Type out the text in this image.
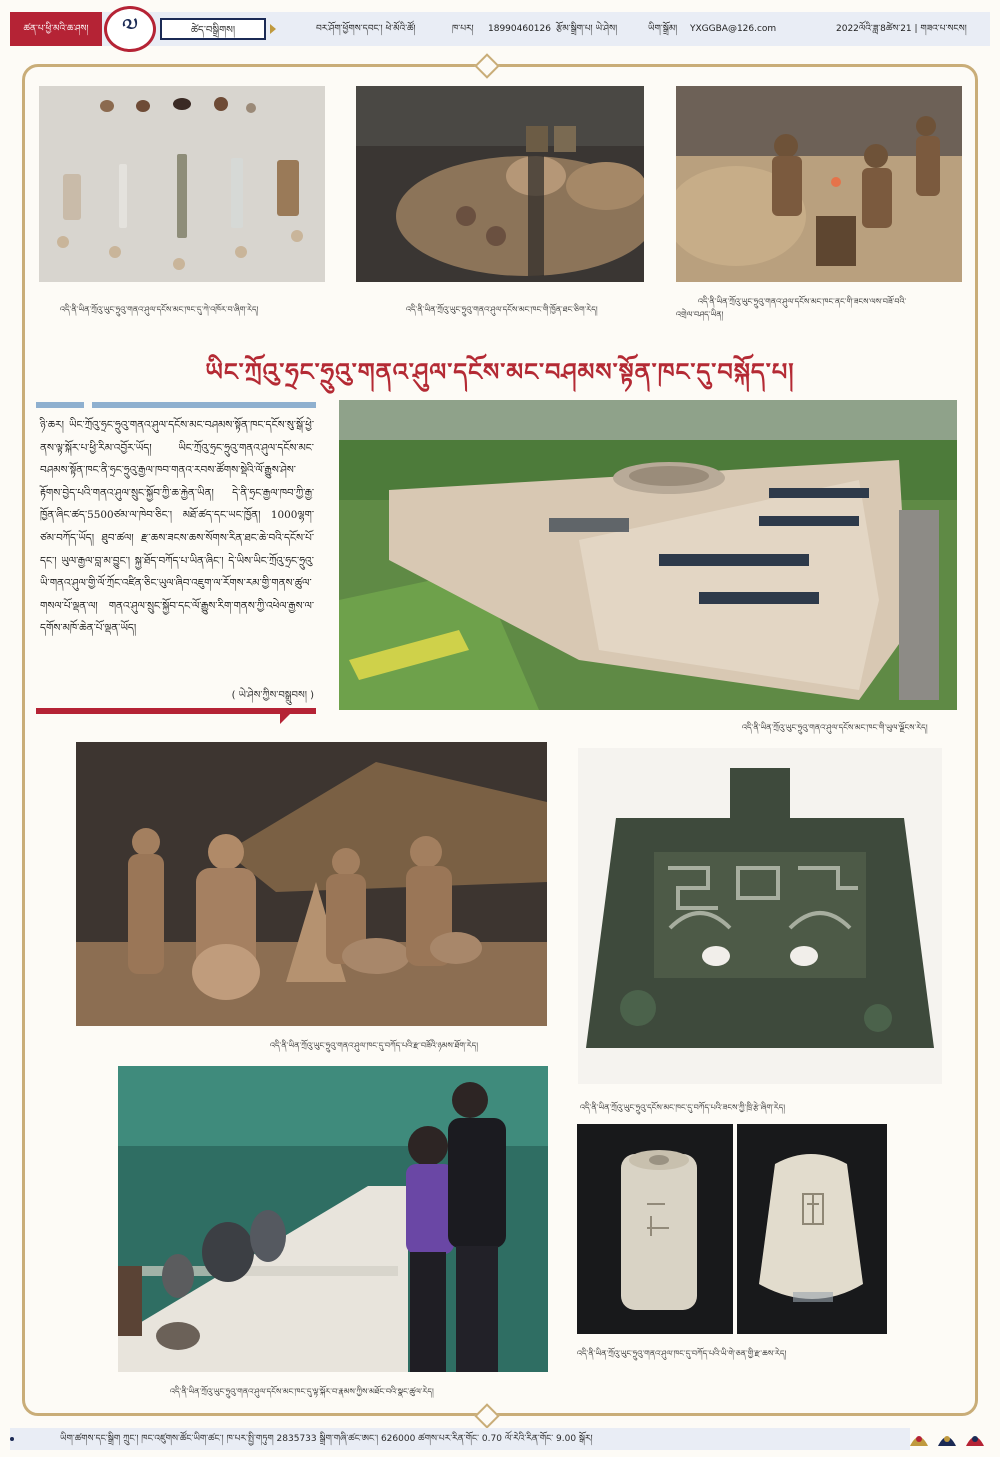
ཚན་པ་ཕྱི་མའི་ཆ་ཤས།	༧	ཚེད་བསྒྲིགས།	བར་ཤོག་ཕྱོགས་དབང་། ཕེ་མོའི་ཚོ།	ཁ་པར། 18990460126 རྩོམ་སྒྲིག་པ། ཡེ་ཤེས།	ཡིག་སྒྲོམ། YXGGBA@126.com	2022ལོའི་ཟླ་8ཚེས་21 | གཟའ་པ་སངས།
འདི་ནི་ཡིན་ཀྲོའུ་ཡུང་ཧྲུའུ་གནའ་ཤུལ་དངོས་མང་ཁང་དུ་ཀེ་འཁོར་བ་ཞིག་རེད།	འདི་ནི་ཡིན་ཀྲོའུ་ཡུང་ཧྲུའུ་གནའ་ཤུལ་དངོས་མང་ཁང་གི་ཁྱོན་ཐང་ཅིག་རེད།
འདི་ནི་ཡིན་ཀྲོའུ་ཡུང་ཧྲུའུ་གནའ་ཤུལ་དངོས་མང་ཁང་ནང་གི་ཟངས་ལས་བཟོ་བའི་
འགྲེལ་བཤད་ཡིན།
ཡིང་ཀྲོའུ་ཧྲང་ཧྲུའུ་གནའ་ཤུལ་དངོས་མང་བཤམས་སྟོན་ཁང་དུ་བསྐོད་པ།
ཉི་ཆར། ཡིང་ཀྲོའུ་ཧྲང་ཧྲུའུ་གནའ་ཤུལ་དངོས་མང་བཤམས་སྟོན་ཁང་དངོས་སུ་སྒོ་ཕྱེ་ནས་ལྟ་སྐོར་པ་ཕྱི་རིམ་འབྱོར་ཡོད། ཡིང་ཀྲོའུ་ཧྲང་ཧྲུའུ་གནའ་ཤུལ་དངོས་མང་བཤམས་སྟོན་ཁང་ནི་ཧྲང་ཧྲུའུ་རྒྱལ་ཁབ་གནའ་རབས་ཚོགས་སྡེའི་ལོ་རྒྱུས་ཤེས་རྟོགས་བྱེད་པའི་གནའ་ཤུལ་སྲུང་སྐྱོབ་ཀྱི་ཆ་རྐྱེན་ཡིན། དེ་ནི་ཧྲང་རྒྱལ་ཁབ་ཀྱི་རྒྱ་ཁྱོན་ཞིང་ཚད་5500ཙམ་ལ་ཁེབ་ཅིང་། མཐོ་ཚད་དང་ཡང་ཁྱོན། 1000ལྷག་ཙམ་བཀོད་ཡོད། ཐུབ་ཚལ། རྫ་ཆས་ཟངས་ཆས་སོགས་རིན་ཐང་ཆེ་བའི་དངོས་པོ་དང་། ཡུལ་རྒྱལ་བླ་མ་བྱུང་། སྐྱ་ཐོད་བཀོད་པ་ཡིན་ཞིང་། དེ་ཡིས་ཡིང་ཀྲོའུ་ཧྲང་ཧྲུའུ་ཡི་གནའ་ཤུལ་གྱི་ལོ་ཀྲོང་འཛིན་ཅིང་ཡུལ་ཞིབ་འཇུག་ལ་རོགས་རམ་གྱི་གནས་ཚུལ་གསལ་པོ་ལྡན་ལ། གནའ་ཤུལ་སྲུང་སྐྱོབ་དང་ལོ་རྒྱུས་རིག་གནས་ཀྱི་འཕེལ་རྒྱས་ལ་དགོས་མཁོ་ཆེན་པོ་ལྡན་ཡོད།
( ཡེ་ཤེས་ཀྱིས་བསྒྲུབས། )
འདི་ནི་ཡིན་ཀྲོའུ་ཡུང་ཧྲུའུ་གནའ་ཤུལ་དངོས་མང་ཁང་གི་ཡུལ་ལྗོངས་རེད།
འདི་ནི་ཡིན་ཀྲོའུ་ཡུང་ཧྲུའུ་གནའ་ཤུལ་ཁང་དུ་བཀོད་པའི་རྫ་བཟོའི་ཉམས་ཐོག་རེད།
འདི་ནི་ཡིན་ཀྲོའུ་ཡུང་ཧྲུའུ་དངོས་མང་ཁང་དུ་བཀོད་པའི་ཟངས་ཀྱི་ཁྲི་རྩེ་ཞིག་རེད།
འདི་ནི་ཡིན་ཀྲོའུ་ཡུང་ཧྲུའུ་གནའ་ཤུལ་དངོས་མང་ཁང་དུ་ལྟ་སྐོར་བ་རྣམས་ཀྱིས་མཐོང་བའི་སྣང་ཚུལ་རེད།
འདི་ནི་ཡིན་ཀྲོའུ་ཡུང་ཧྲུའུ་གནའ་ཤུལ་ཁང་དུ་བཀོད་པའི་ཡི་གེ་ཅན་གྱི་རྫ་ཆས་རེད།
ཡིག་ཚགས་དང་སྒྲིག ཀྲུང་། ཁང་འཛུགས་ཚོང་ཡིག་ཚང་། ཁ་པར་སྤྱི་གཏུག 2835733 སྒྲིག་གཞི་ཚང་ཨང་། 626000 ཚགས་པར་རིན་གོང་ 0.70 ལོ་རེའི་རིན་གོང་ 9.00 སྒོར།
